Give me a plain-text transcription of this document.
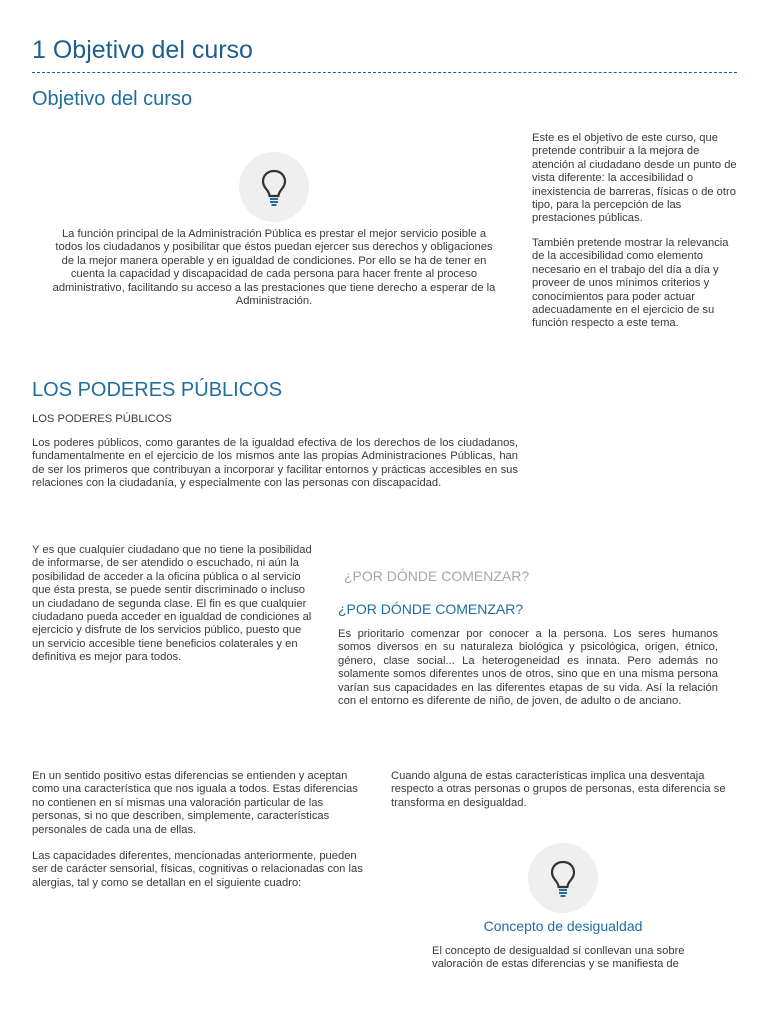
1 Objetivo del curso
Objetivo del curso

La función principal de la Administración Pública es prestar el mejor servicio posible a todos los ciudadanos y posibilitar que éstos puedan ejercer sus derechos y obligaciones de la mejor manera operable y en igualdad de condiciones. Por ello se ha de tener en cuenta la capacidad y discapacidad de cada persona para hacer frente al proceso administrativo, facilitando su acceso a las prestaciones que tiene derecho a esperar de la Administración.

Este es el objetivo de este curso, que pretende contribuir a la mejora de atención al ciudadano desde un punto de vista diferente: la accesibilidad o inexistencia de barreras, físicas o de otro tipo, para la percepción de las prestaciones públicas.

También pretende mostrar la relevancia de la accesibilidad como elemento necesario en el trabajo del día a día y proveer de unos mínimos criterios y conocimientos para poder actuar adecuadamente en el ejercicio de su función respecto a este tema.

LOS PODERES PÚBLICOS

LOS PODERES PÚBLICOS

Los poderes públicos, como garantes de la igualdad efectiva de los derechos de los ciudadanos, fundamentalmente en el ejercicio de los mismos ante las propias Administraciones Públicas, han de ser los primeros que contribuyan a incorporar y facilitar entornos y prácticas accesibles en sus relaciones con la ciudadanía, y especialmente con las personas con discapacidad.

Y es que cualquier ciudadano que no tiene la posibilidad de informarse, de ser atendido o escuchado, ni aún la posibilidad de acceder a la oficina pública o al servicio que ésta presta, se puede sentir discriminado o incluso un ciudadano de segunda clase. El fin es que cualquier ciudadano pueda acceder en igualdad de condiciones al ejercicio y disfrute de los servicios público, puesto que un servicio accesible tiene beneficios colaterales y en definitiva es mejor para todos.

¿POR DÓNDE COMENZAR?
¿POR DÓNDE COMENZAR?

Es prioritario comenzar por conocer a la persona. Los seres humanos somos diversos en su naturaleza biológica y psicológica, origen, étnico, género, clase social... La heterogeneidad es innata. Pero además no solamente somos diferentes unos de otros, sino que en una misma persona varían sus capacidades en las diferentes etapas de su vida. Así la relación con el entorno es diferente de niño, de joven, de adulto o de anciano.

En un sentido positivo estas diferencias se entienden y aceptan como una característica que nos iguala a todos. Estas diferencias no contienen en sí mismas una valoración particular de las personas, si no que describen, simplemente, características personales de cada una de ellas.

Las capacidades diferentes, mencionadas anteriormente, pueden ser de carácter sensorial, físicas, cognitivas o relacionadas con las alergias, tal y como se detallan en el siguiente cuadro:

Cuando alguna de estas características implica una desventaja respecto a otras personas o grupos de personas, esta diferencia se transforma en desigualdad.

Concepto de desigualdad

El concepto de desigualdad sí conllevan una sobre valoración de estas diferencias y se manifiesta de
